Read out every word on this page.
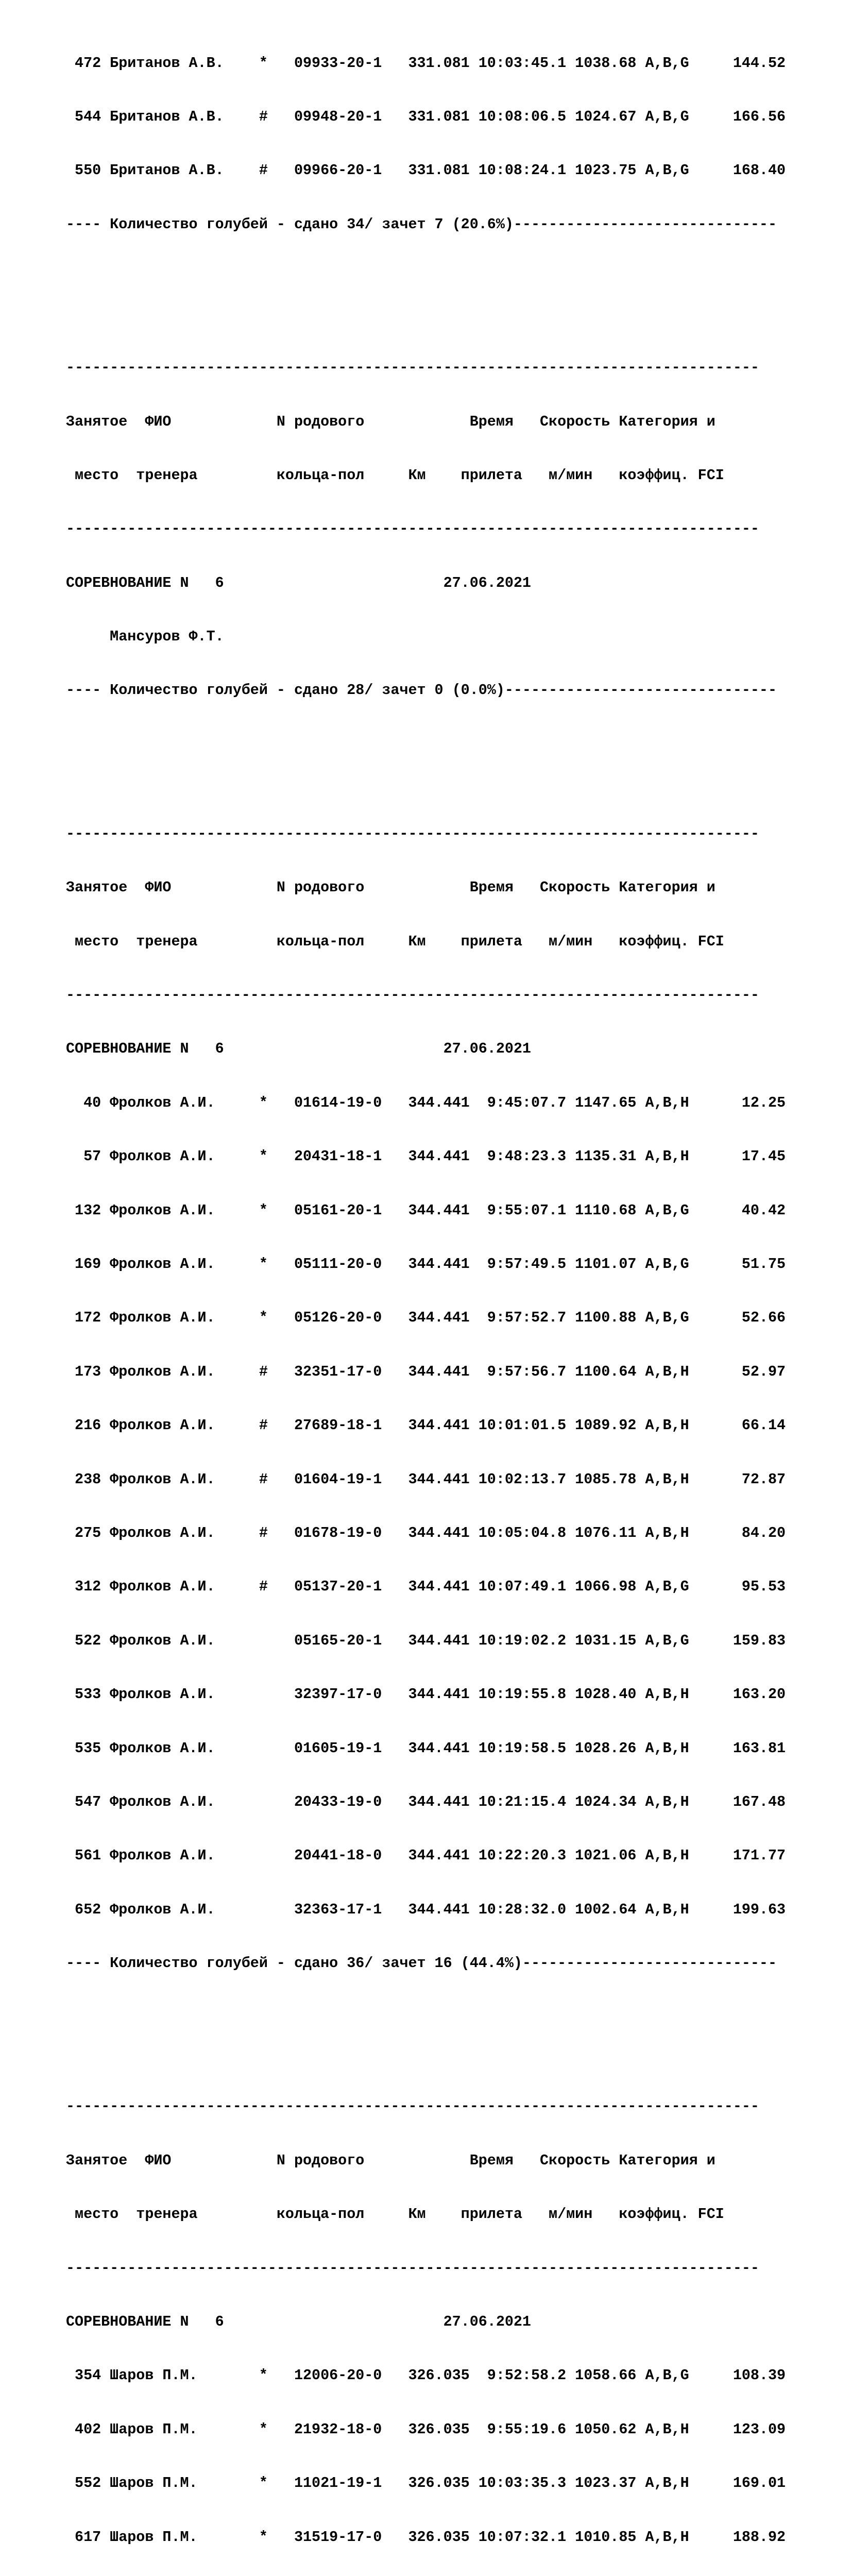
472 Британов А.В.    *   09933-20-1   331.081 10:03:45.1 1038.68 A,B,G     144.52

544 Британов А.В.    #   09948-20-1   331.081 10:08:06.5 1024.67 A,B,G     166.56

550 Британов А.В.    #   09966-20-1   331.081 10:08:24.1 1023.75 A,B,G     168.40

---- Количество голубей - сдано 34/ зачет 7 (20.6%)------------------------------

-------------------------------------------------------------------------------

Занятое  ФИО            N родового            Время   Скорость Категория и

место  тренера         кольца-пол     Км    прилета   м/мин   коэффиц. FCI

-------------------------------------------------------------------------------

СОРЕВНОВАНИЕ N   6                         27.06.2021

Мансуров Ф.Т.

---- Количество голубей - сдано 28/ зачет 0 (0.0%)-------------------------------

-------------------------------------------------------------------------------

Занятое  ФИО            N родового            Время   Скорость Категория и

место  тренера         кольца-пол     Км    прилета   м/мин   коэффиц. FCI

-------------------------------------------------------------------------------

СОРЕВНОВАНИЕ N   6                         27.06.2021

40 Фролков А.И.     *   01614-19-0   344.441  9:45:07.7 1147.65 A,B,H      12.25

57 Фролков А.И.     *   20431-18-1   344.441  9:48:23.3 1135.31 A,B,H      17.45

132 Фролков А.И.     *   05161-20-1   344.441  9:55:07.1 1110.68 A,B,G      40.42

169 Фролков А.И.     *   05111-20-0   344.441  9:57:49.5 1101.07 A,B,G      51.75

172 Фролков А.И.     *   05126-20-0   344.441  9:57:52.7 1100.88 A,B,G      52.66

173 Фролков А.И.     #   32351-17-0   344.441  9:57:56.7 1100.64 A,B,H      52.97

216 Фролков А.И.     #   27689-18-1   344.441 10:01:01.5 1089.92 A,B,H      66.14

238 Фролков А.И.     #   01604-19-1   344.441 10:02:13.7 1085.78 A,B,H      72.87

275 Фролков А.И.     #   01678-19-0   344.441 10:05:04.8 1076.11 A,B,H      84.20

312 Фролков А.И.     #   05137-20-1   344.441 10:07:49.1 1066.98 A,B,G      95.53

522 Фролков А.И.         05165-20-1   344.441 10:19:02.2 1031.15 A,B,G     159.83

533 Фролков А.И.         32397-17-0   344.441 10:19:55.8 1028.40 A,B,H     163.20

535 Фролков А.И.         01605-19-1   344.441 10:19:58.5 1028.26 A,B,H     163.81

547 Фролков А.И.         20433-19-0   344.441 10:21:15.4 1024.34 A,B,H     167.48

561 Фролков А.И.         20441-18-0   344.441 10:22:20.3 1021.06 A,B,H     171.77

652 Фролков А.И.         32363-17-1   344.441 10:28:32.0 1002.64 A,B,H     199.63

---- Количество голубей - сдано 36/ зачет 16 (44.4%)-----------------------------

-------------------------------------------------------------------------------

Занятое  ФИО            N родового            Время   Скорость Категория и

место  тренера         кольца-пол     Км    прилета   м/мин   коэффиц. FCI

-------------------------------------------------------------------------------

СОРЕВНОВАНИЕ N   6                         27.06.2021

354 Шаров П.М.       *   12006-20-0   326.035  9:52:58.2 1058.66 A,B,G     108.39

402 Шаров П.М.       *   21932-18-0   326.035  9:55:19.6 1050.62 A,B,H     123.09

552 Шаров П.М.       *   11021-19-1   326.035 10:03:35.3 1023.37 A,B,H     169.01

617 Шаров П.М.       *   31519-17-0   326.035 10:07:32.1 1010.85 A,B,H     188.92
